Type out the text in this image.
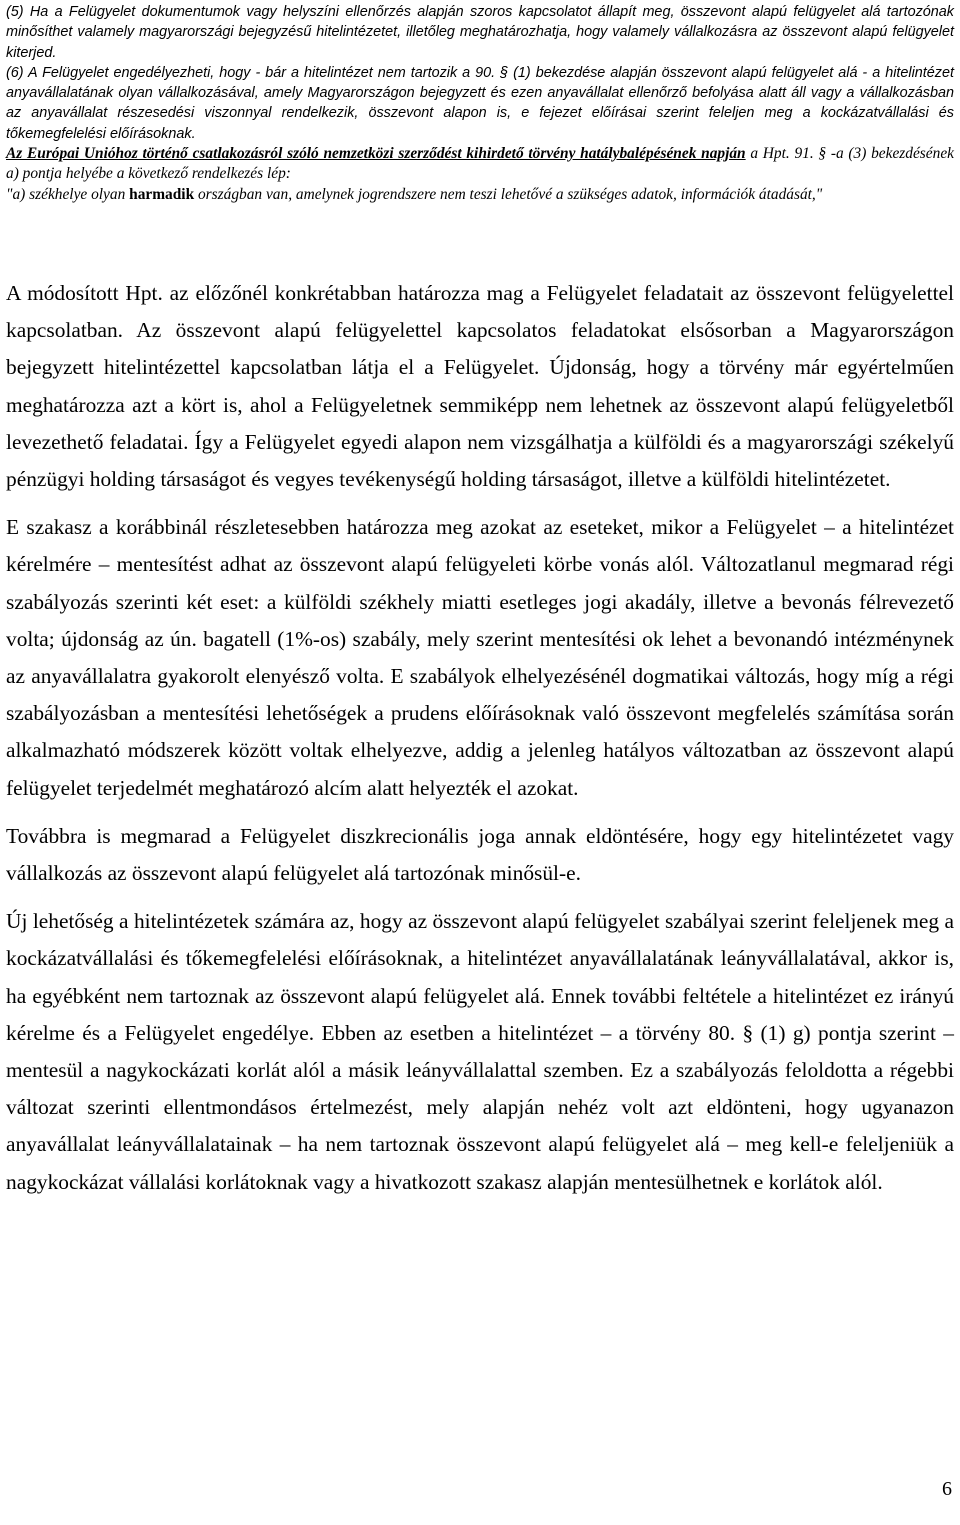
(5) Ha a Felügyelet dokumentumok vagy helyszíni ellenőrzés alapján szoros kapcsolatot állapít meg, összevont alapú felügyelet alá tartozónak minősíthet valamely magyarországi bejegyzésű hitelintézetet, illetőleg meghatározhatja, hogy valamely vállalkozásra az összevont alapú felügyelet kiterjed.

(6) A Felügyelet engedélyezheti, hogy - bár a hitelintézet nem tartozik a 90. § (1) bekezdése alapján összevont alapú felügyelet alá - a hitelintézet anyavállalatának olyan vállalkozásával, amely Magyarországon bejegyzett és ezen anyavállalat ellenőrző befolyása alatt áll vagy a vállalkozásban az anyavállalat részesedési viszonnyal rendelkezik, összevont alapon is, e fejezet előírásai szerint feleljen meg a kockázatvállalási és tőkemegfelelési előírásoknak.

Az Európai Unióhoz történő csatlakozásról szóló nemzetközi szerződést kihirdető törvény hatálybalépésének napján a Hpt. 91. § -a (3) bekezdésének a) pontja helyébe a következő rendelkezés lép:

"a) székhelye olyan harmadik országban van, amelynek jogrendszere nem teszi lehetővé a szükséges adatok, információk átadását,"

A módosított Hpt. az előzőnél konkrétabban határozza mag a Felügyelet feladatait az összevont felügyelettel kapcsolatban. Az összevont alapú felügyelettel kapcsolatos feladatokat elsősorban a Magyarországon bejegyzett hitelintézettel kapcsolatban látja el a Felügyelet. Újdonság, hogy a törvény már egyértelműen meghatározza azt a kört is, ahol a Felügyeletnek semmiképp nem lehetnek az összevont alapú felügyeletből levezethető feladatai. Így a Felügyelet egyedi alapon nem vizsgálhatja a külföldi és a magyarországi székelyű pénzügyi holding társaságot és vegyes tevékenységű holding társaságot, illetve a külföldi hitelintézetet.

E szakasz a korábbinál részletesebben határozza meg azokat az eseteket, mikor a Felügyelet – a hitelintézet kérelmére – mentesítést adhat az összevont alapú felügyeleti körbe vonás alól. Változatlanul megmarad régi szabályozás szerinti két eset: a külföldi székhely miatti esetleges jogi akadály, illetve a bevonás félrevezető volta; újdonság az ún. bagatell (1%-os) szabály, mely szerint mentesítési ok lehet a bevonandó intézménynek az anyavállalatra gyakorolt elenyésző volta. E szabályok elhelyezésénél dogmatikai változás, hogy míg a régi szabályozásban a mentesítési lehetőségek a prudens előírásoknak való összevont megfelelés számítása során alkalmazható módszerek között voltak elhelyezve, addig a jelenleg hatályos változatban az összevont alapú felügyelet terjedelmét meghatározó alcím alatt helyezték el azokat.

Továbbra is megmarad a Felügyelet diszkrecionális joga annak eldöntésére, hogy egy hitelintézetet vagy vállalkozás az összevont alapú felügyelet alá tartozónak minősül-e.

Új lehetőség a hitelintézetek számára az, hogy az összevont alapú felügyelet szabályai szerint feleljenek meg a kockázatvállalási és tőkemegfelelési előírásoknak, a hitelintézet anyavállalatának leányvállalatával, akkor is, ha egyébként nem tartoznak az összevont alapú felügyelet alá. Ennek további feltétele a hitelintézet ez irányú kérelme és a Felügyelet engedélye. Ebben az esetben a hitelintézet – a törvény 80. § (1) g) pontja szerint – mentesül a nagykockázati korlát alól a másik leányvállalattal szemben. Ez a szabályozás feloldotta a régebbi változat szerinti ellentmondásos értelmezést, mely alapján nehéz volt azt eldönteni, hogy ugyanazon anyavállalat leányvállalatainak – ha nem tartoznak összevont alapú felügyelet alá – meg kell-e feleljeniük a nagykockázat vállalási korlátoknak vagy a hivatkozott szakasz alapján mentesülhetnek e korlátok alól.

6
